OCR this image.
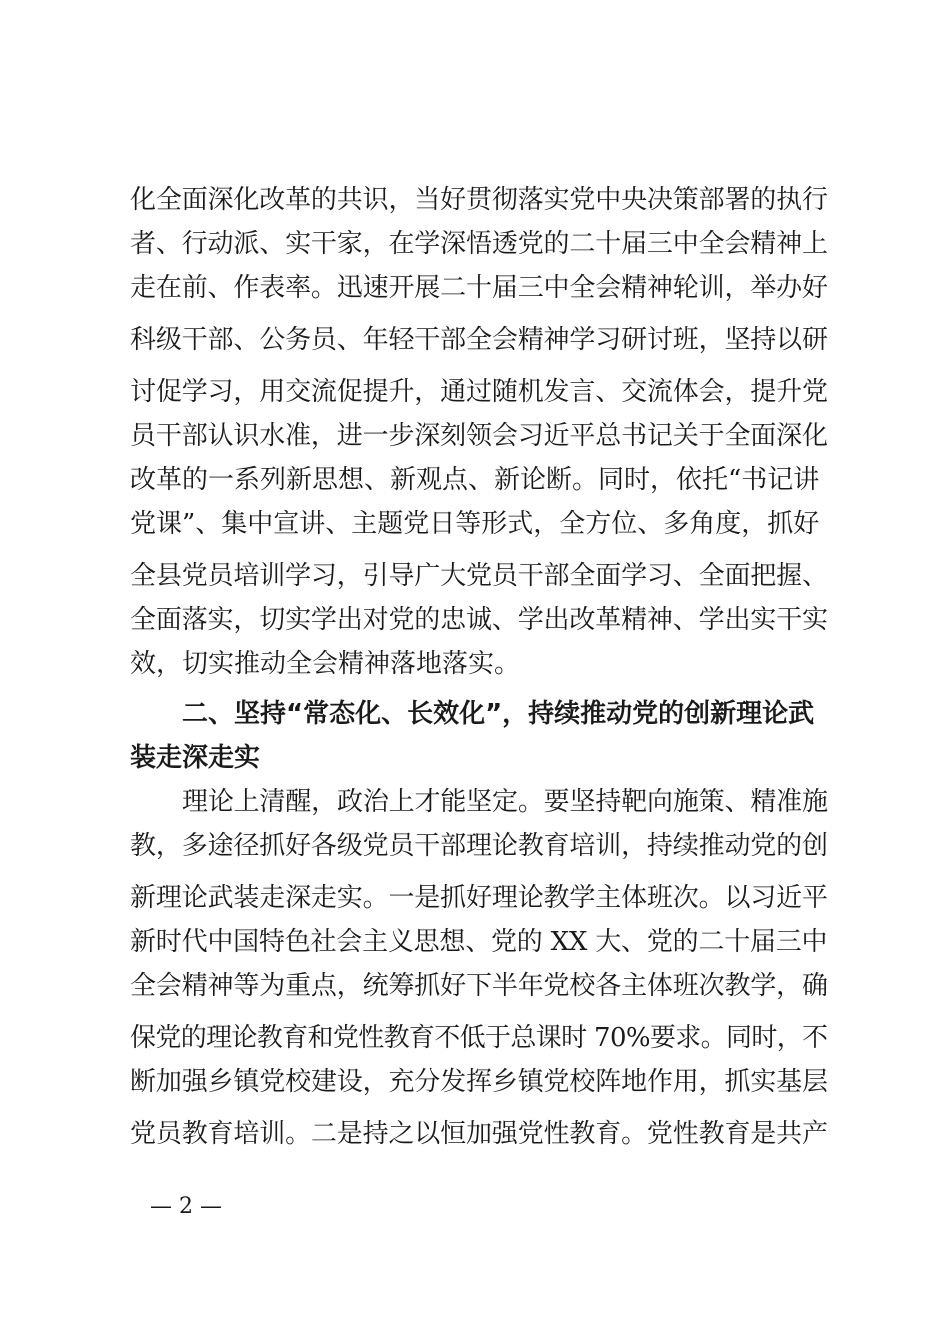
化全面深化改革的共识，当好贯彻落实党中央决策部署的执行
者、行动派、实干家，在学深悟透党的二十届三中全会精神上
走在前、作表率。迅速开展二十届三中全会精神轮训，举办好
科级干部、公务员、年轻干部全会精神学习研讨班，坚持以研
讨促学习，用交流促提升，通过随机发言、交流体会，提升党
员干部认识水准，进一步深刻领会习近平总书记关于全面深化
改革的一系列新思想、新观点、新论断。同时，依托“书记讲
党课”、集中宣讲、主题党日等形式，全方位、多角度，抓好
全县党员培训学习，引导广大党员干部全面学习、全面把握、
全面落实，切实学出对党的忠诚、学出改革精神、学出实干实
效，切实推动全会精神落地落实。
二、坚持“常态化、长效化”，持续推动党的创新理论武
装走深走实
理论上清醒，政治上才能坚定。要坚持靶向施策、精准施
教，多途径抓好各级党员干部理论教育培训，持续推动党的创
新理论武装走深走实。一是抓好理论教学主体班次。以习近平
新时代中国特色社会主义思想、党的 XX 大、党的二十届三中
全会精神等为重点，统筹抓好下半年党校各主体班次教学，确
保党的理论教育和党性教育不低于总课时 70%要求。同时，不
断加强乡镇党校建设，充分发挥乡镇党校阵地作用，抓实基层
党员教育培训。二是持之以恒加强党性教育。党性教育是共产
— 2 —
